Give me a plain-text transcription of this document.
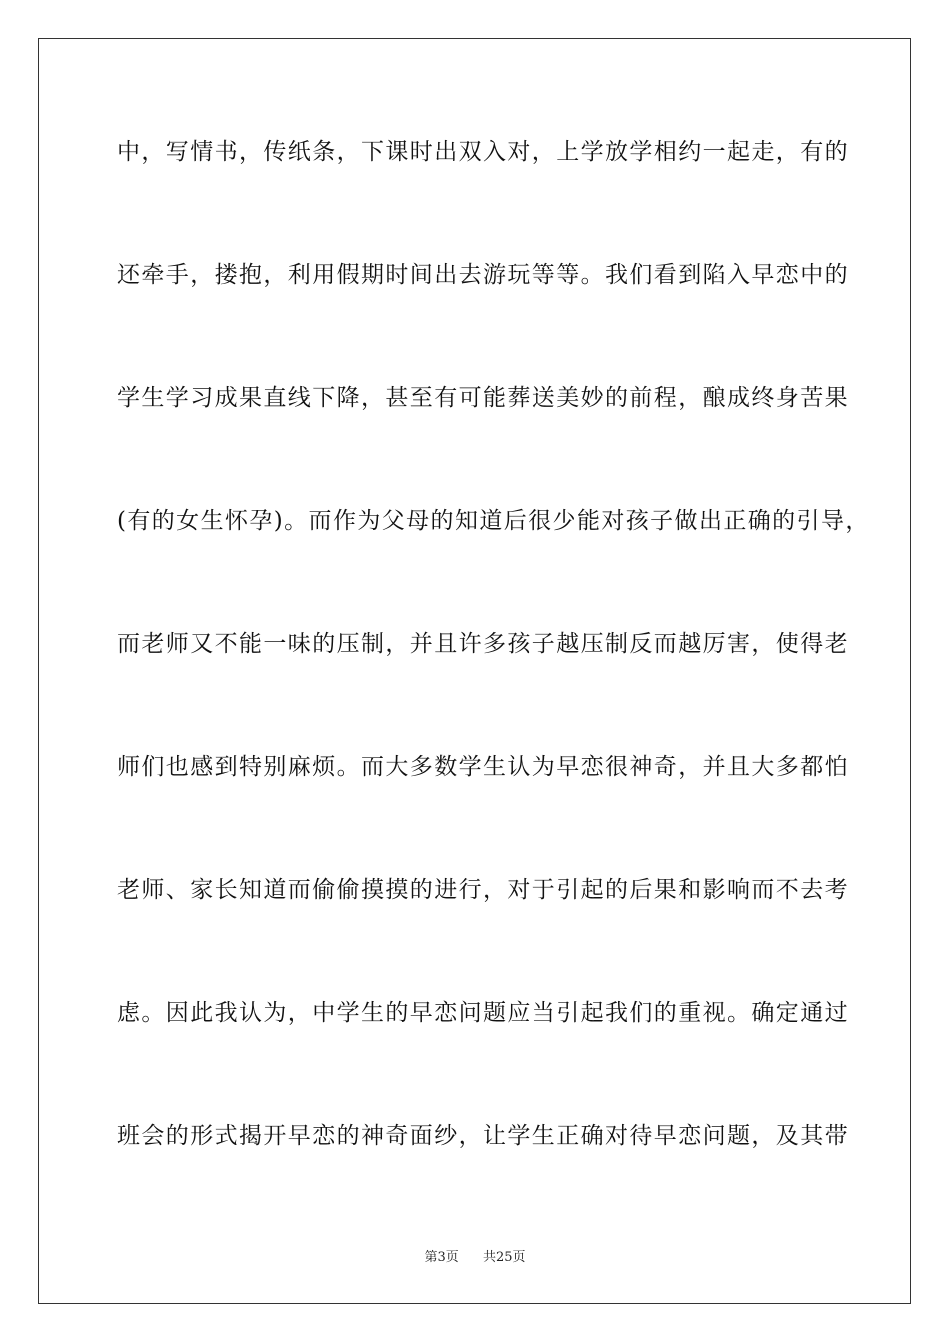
中，写情书，传纸条，下课时出双入对，上学放学相约一起走，有的
还牵手，搂抱，利用假期时间出去游玩等等。我们看到陷入早恋中的
学生学习成果直线下降，甚至有可能葬送美妙的前程，酿成终身苦果
(有的女生怀孕)。而作为父母的知道后很少能对孩子做出正确的引导，
而老师又不能一味的压制，并且许多孩子越压制反而越厉害，使得老
师们也感到特别麻烦。而大多数学生认为早恋很神奇，并且大多都怕
老师、家长知道而偷偷摸摸的进行，对于引起的后果和影响而不去考
虑。因此我认为，中学生的早恋问题应当引起我们的重视。确定通过
班会的形式揭开早恋的神奇面纱，让学生正确对待早恋问题，及其带
第3页 共25页
